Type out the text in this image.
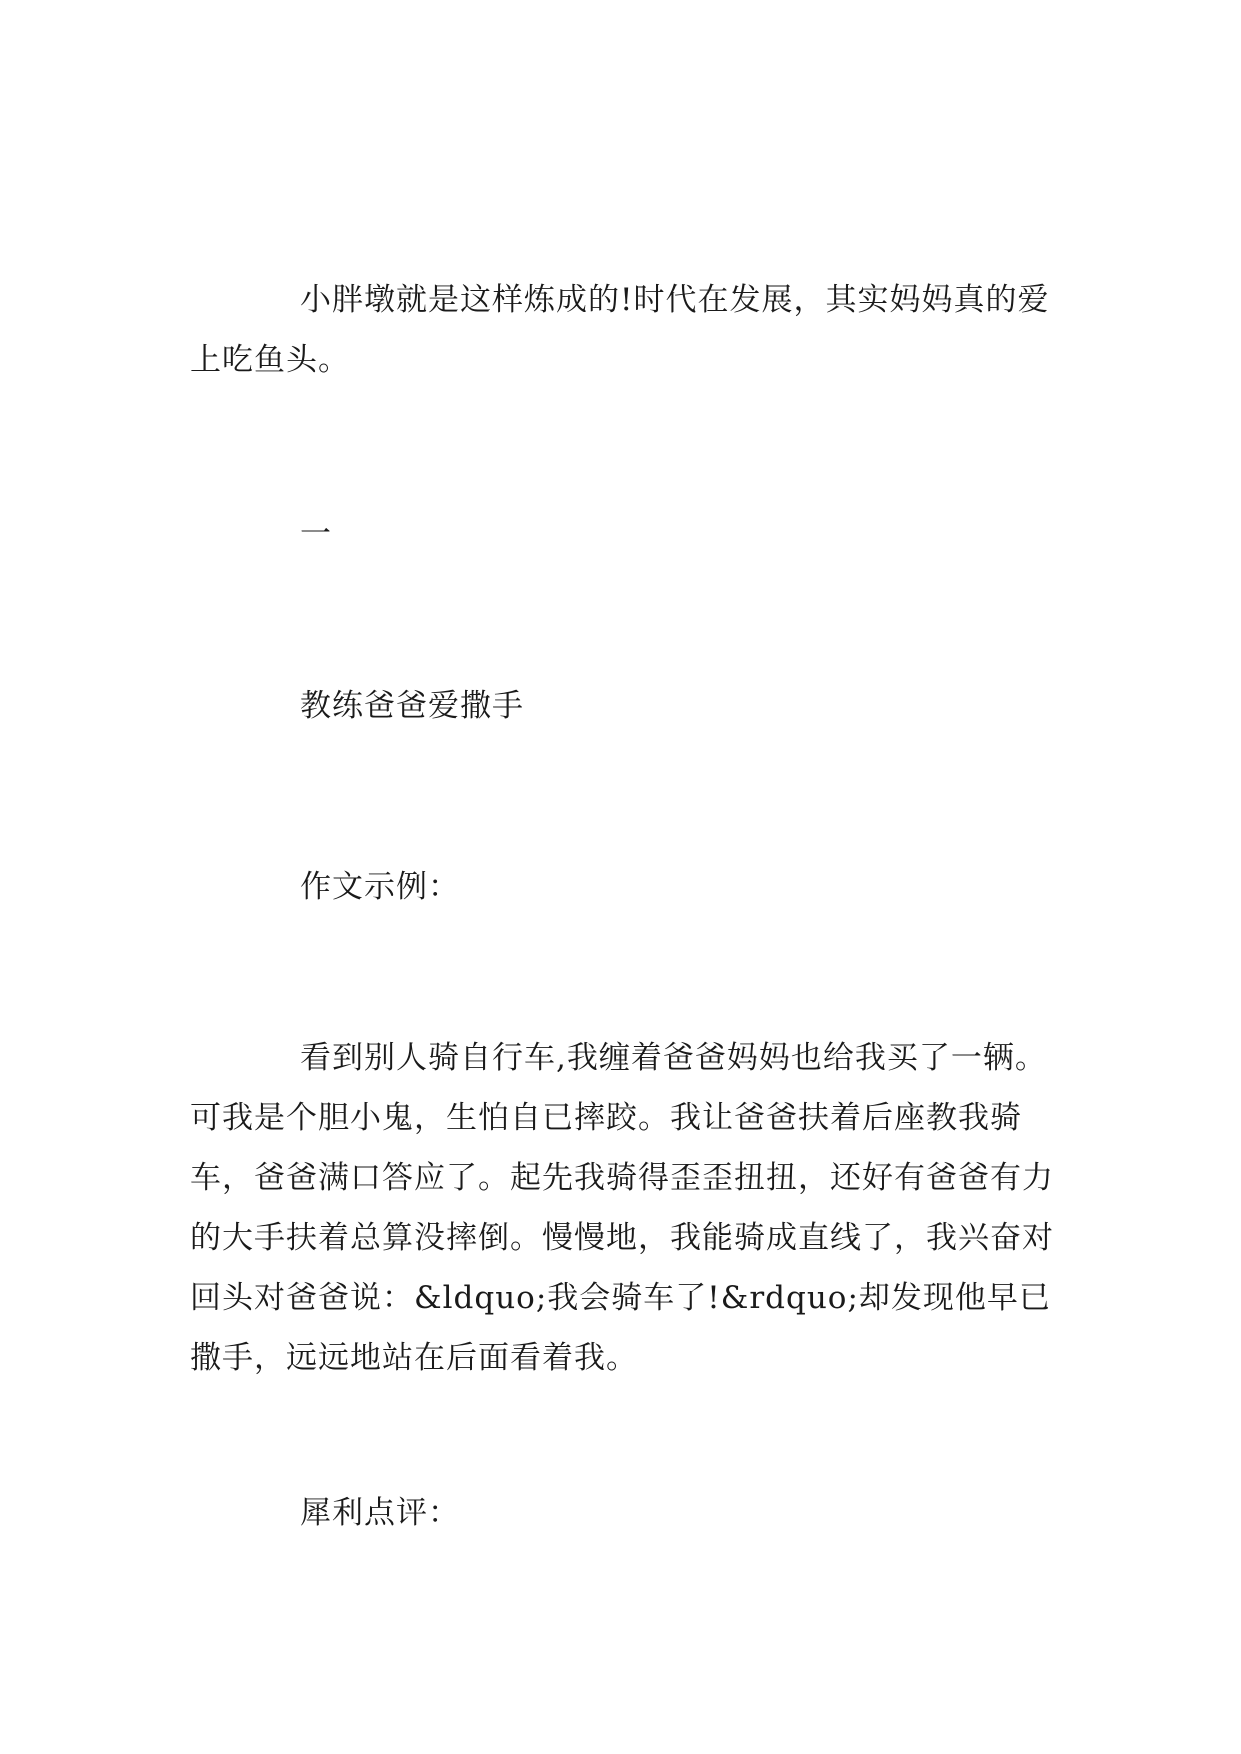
小胖墩就是这样炼成的!时代在发展，其实妈妈真的爱上吃鱼头。

一

教练爸爸爱撒手

作文示例：

看到别人骑自行车,我缠着爸爸妈妈也给我买了一辆。可我是个胆小鬼，生怕自已摔跤。我让爸爸扶着后座教我骑车，爸爸满口答应了。起先我骑得歪歪扭扭，还好有爸爸有力的大手扶着总算没摔倒。慢慢地，我能骑成直线了，我兴奋对回头对爸爸说：&ldquo;我会骑车了!&rdquo;却发现他早已撒手，远远地站在后面看着我。

犀利点评：
